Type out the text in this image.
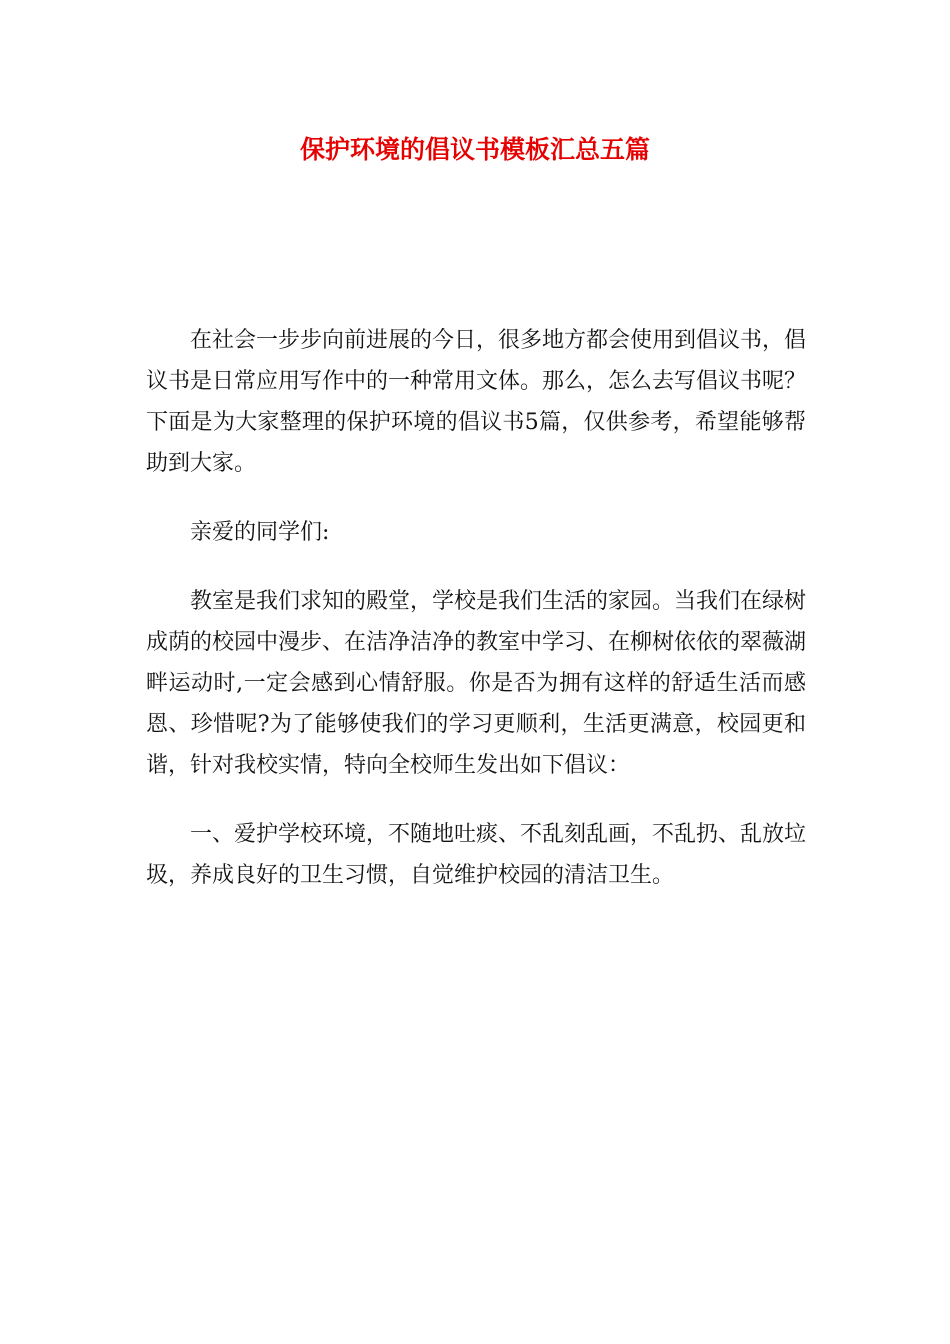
保护环境的倡议书模板汇总五篇

在社会一步步向前进展的今日，很多地方都会使用到倡议书，倡议书是日常应用写作中的一种常用文体。那么，怎么去写倡议书呢？下面是为大家整理的保护环境的倡议书5篇，仅供参考，希望能够帮助到大家。

亲爱的同学们:

教室是我们求知的殿堂，学校是我们生活的家园。当我们在绿树成荫的校园中漫步、在洁净洁净的教室中学习、在柳树依依的翠薇湖畔运动时,一定会感到心情舒服。你是否为拥有这样的舒适生活而感恩、珍惜呢?为了能够使我们的学习更顺利，生活更满意，校园更和谐，针对我校实情，特向全校师生发出如下倡议：

一、爱护学校环境，不随地吐痰、不乱刻乱画，不乱扔、乱放垃圾，养成良好的卫生习惯，自觉维护校园的清洁卫生。
